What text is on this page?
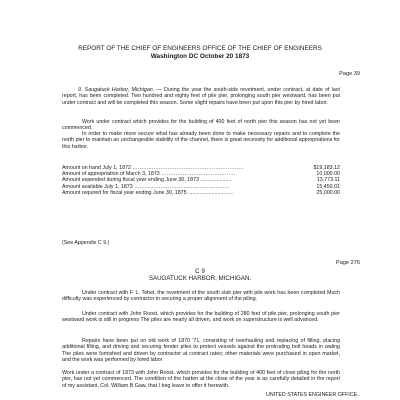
REPORT OF THE CHIEF OF ENGINEERS OFFICE OF THE CHIEF OF ENGINEERS
Washington DC October 20 1873
Page 39

9. Saugatuck Harbor, Michigan. — During the year the south-side revetment, under contract, at date of last report, has been completed. Two hundred and eighty feet of pile pier, prolonging south pier westward, has been put under contract and will be completed this season. Some slight repairs have been put upon this pier by hired labor.

Work under contract which provides for the building of 400 feet of north pier this season has not yet been commenced.

In order to make more secure what has already been done to make necessary repairs and to complete the north pier to maintain an unchangeable stability of the channel, there is great necessity for additional appropriations for this harbor.

Amount on hand July 1, 1872 ………………………………………………………	$19,183.12
Amount of appropriation of March 3, 1873 ……………………………………	10,000.00
Amount expended during fiscal year ending June 30, 1873 .....................	13,773.11
Amount available July 1, 1873 ………………………………………………	15,450.01
Amount required for fiscal year ending June 30, 1875 ...............................	25,000.00
(See Appendix C 9.)
Page 276
C 9
SAUGATUCK HARBOR, MICHIGAN.

Under contract with F. L. Tebel, the revetment of the south slab pier with pile work has been completed Much difficulty was experienced by contractor in securing a proper alignment of the piling.

Under contract with John Roost, which provides for the building of 280 feet of pile pier, prolonging south pier westward work is still in progress The piles are nearly all driven, and work on superstructure is well advanced.

Repairs have been put on old work of 1870 '71, consisting of overhauling and replacing of filling, placing additional filling, and driving and securing fender piles to protect vessels against the protruding bolt heads in waling The piles were furnished and driven by contractor at contract rates; other materials were purchased in open market, and the work was performed by hired labor

Work under a contract of 1873 with John Roost, which provides for the building of 400 feet of close piling for the north pier, has not yet commenced. The condition of the harbor at the close of the year is as carefully detailed in the report of my assistant, Col. William B Gaw, that I beg leave to offer it herewith.

UNITED STATES ENGINEER OFFICE..
